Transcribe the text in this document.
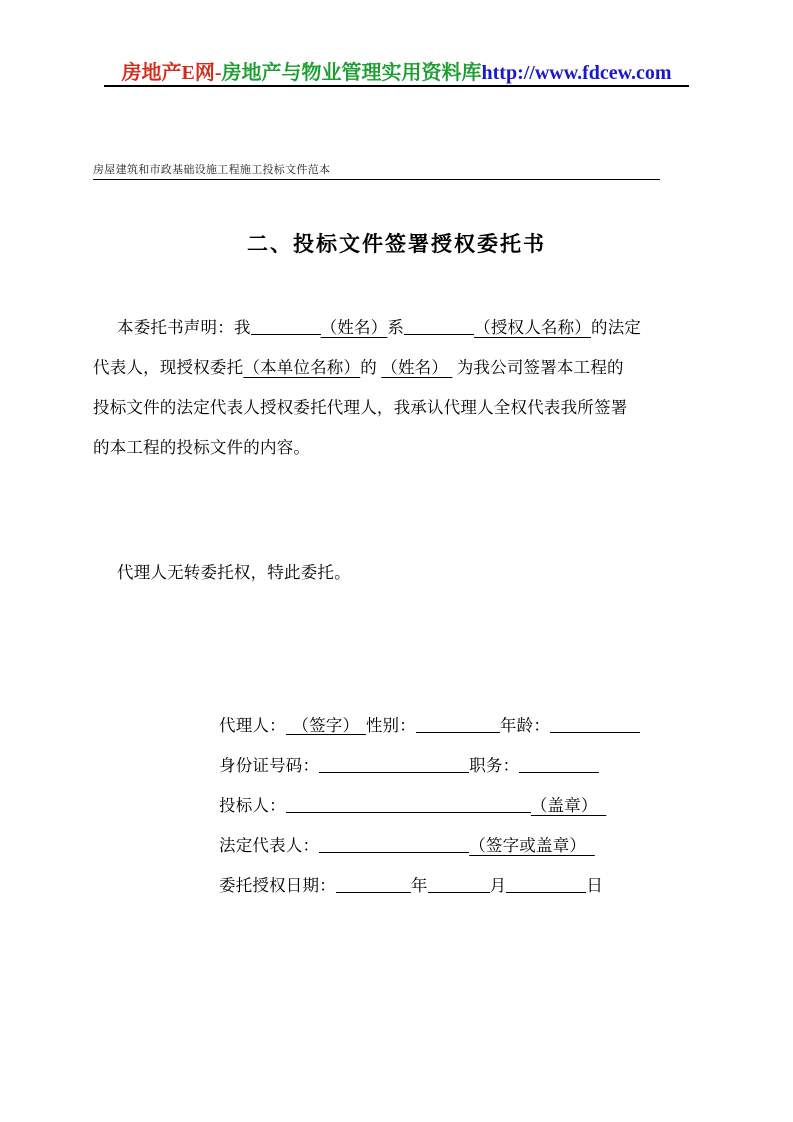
房地产E网-房地产与物业管理实用资料库http://www.fdcew.com
房屋建筑和市政基础设施工程施工投标文件范本
二、投标文件签署授权委托书
本委托书声明：我	（姓名）系	（授权人名称）的法定
代表人，现授权委托（本单位名称）的 （姓名） 为我公司签署本工程的
投标文件的法定代表人授权委托代理人，我承认代理人全权代表我所签署
的本工程的投标文件的内容。
代理人无转委托权，特此委托。
代理人： （签字） 性别：	年龄：
身份证号码：	职务：
投标人：	（盖章）
法定代表人：	（签字或盖章）
委托授权日期：	年	月	日
